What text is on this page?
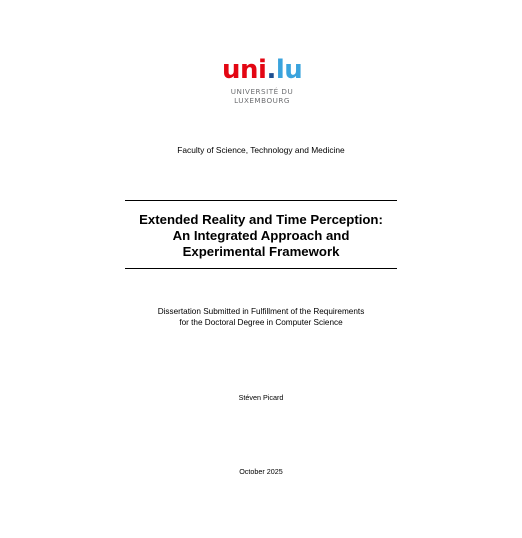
uni.lu
UNIVERSITÉ DU
LUXEMBOURG
Faculty of Science, Technology and Medicine
Extended Reality and Time Perception:
An Integrated Approach and
Experimental Framework
Dissertation Submitted in Fulfillment of the Requirements
for the Doctoral Degree in Computer Science
Stéven Picard
October 2025
